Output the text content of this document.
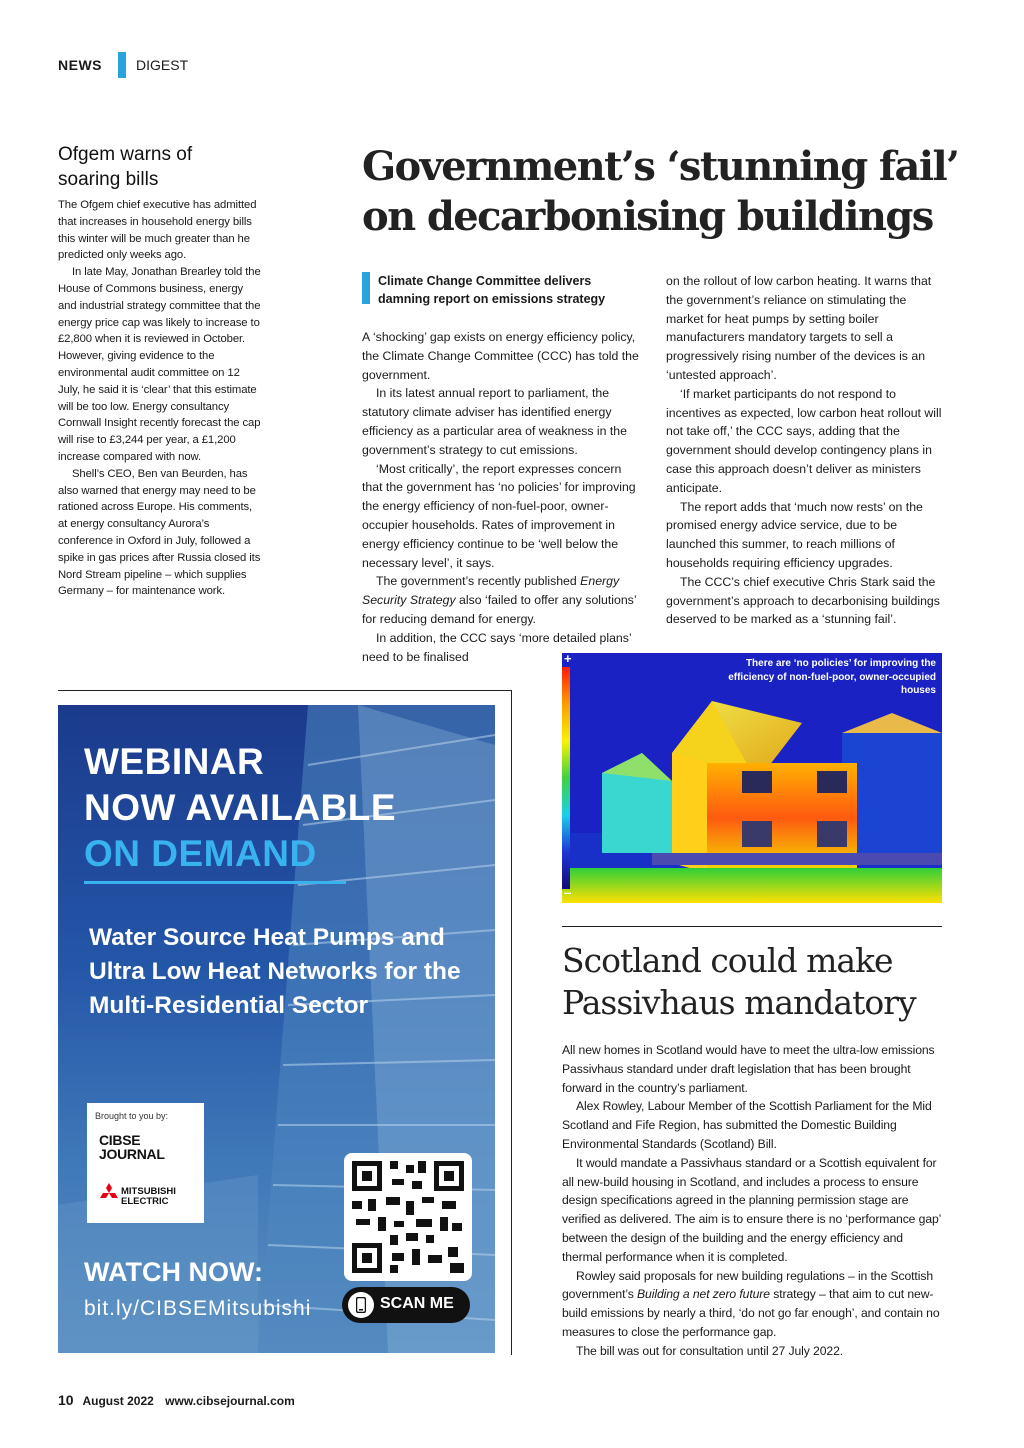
NEWS DIGEST
Ofgem warns of soaring bills

The Ofgem chief executive has admitted that increases in household energy bills this winter will be much greater than he predicted only weeks ago.

In late May, Jonathan Brearley told the House of Commons business, energy and industrial strategy committee that the energy price cap was likely to increase to £2,800 when it is reviewed in October. However, giving evidence to the environmental audit committee on 12 July, he said it is ‘clear’ that this estimate will be too low. Energy consultancy Cornwall Insight recently forecast the cap will rise to £3,244 per year, a £1,200 increase compared with now.

Shell’s CEO, Ben van Beurden, has also warned that energy may need to be rationed across Europe. His comments, at energy consultancy Aurora’s conference in Oxford in July, followed a spike in gas prices after Russia closed its Nord Stream pipeline – which supplies Germany – for maintenance work.

Government’s ‘stunning fail’ on decarbonising buildings
Climate Change Committee delivers damning report on emissions strategy

A ‘shocking’ gap exists on energy efficiency policy, the Climate Change Committee (CCC) has told the government.

In its latest annual report to parliament, the statutory climate adviser has identified energy efficiency as a particular area of weakness in the government’s strategy to cut emissions.

‘Most critically’, the report expresses concern that the government has ‘no policies’ for improving the energy efficiency of non-fuel-poor, owner-occupier households. Rates of improvement in energy efficiency continue to be ‘well below the necessary level’, it says.

The government’s recently published Energy Security Strategy also ‘failed to offer any solutions’ for reducing demand for energy.

In addition, the CCC says ‘more detailed plans’ need to be finalised

on the rollout of low carbon heating. It warns that the government’s reliance on stimulating the market for heat pumps by setting boiler manufacturers mandatory targets to sell a progressively rising number of the devices is an ‘untested approach’.

‘If market participants do not respond to incentives as expected, low carbon heat rollout will not take off,’ the CCC says, adding that the government should develop contingency plans in case this approach doesn’t deliver as ministers anticipate.

The report adds that ‘much now rests’ on the promised energy advice service, due to be launched this summer, to reach millions of households requiring efficiency upgrades.

The CCC’s chief executive Chris Stark said the government’s approach to decarbonising buildings deserved to be marked as a ‘stunning fail’.

+
–
There are ‘no policies’ for improving the efficiency of non-fuel-poor, owner-occupied houses
Scotland could make Passivhaus mandatory

All new homes in Scotland would have to meet the ultra-low emissions Passivhaus standard under draft legislation that has been brought forward in the country’s parliament.

Alex Rowley, Labour Member of the Scottish Parliament for the Mid Scotland and Fife Region, has submitted the Domestic Building Environmental Standards (Scotland) Bill.

It would mandate a Passivhaus standard or a Scottish equivalent for all new-build housing in Scotland, and includes a process to ensure design specifications agreed in the planning permission stage are verified as delivered. The aim is to ensure there is no ‘performance gap’ between the design of the building and the energy efficiency and thermal performance when it is completed.

Rowley said proposals for new building regulations – in the Scottish government’s Building a net zero future strategy – that aim to cut new-build emissions by nearly a third, ‘do not go far enough’, and contain no measures to close the performance gap.

The bill was out for consultation until 27 July 2022.

WEBINAR
NOW AVAILABLE
ON DEMAND
Water Source Heat Pumps and Ultra Low Heat Networks for the Multi-Residential Sector
Brought to you by:
CIBSE JOURNAL
MITSUBISHI ELECTRIC
SCAN ME
WATCH NOW:
bit.ly/CIBSEMitsubishi
10 August 2022 www.cibsejournal.com
